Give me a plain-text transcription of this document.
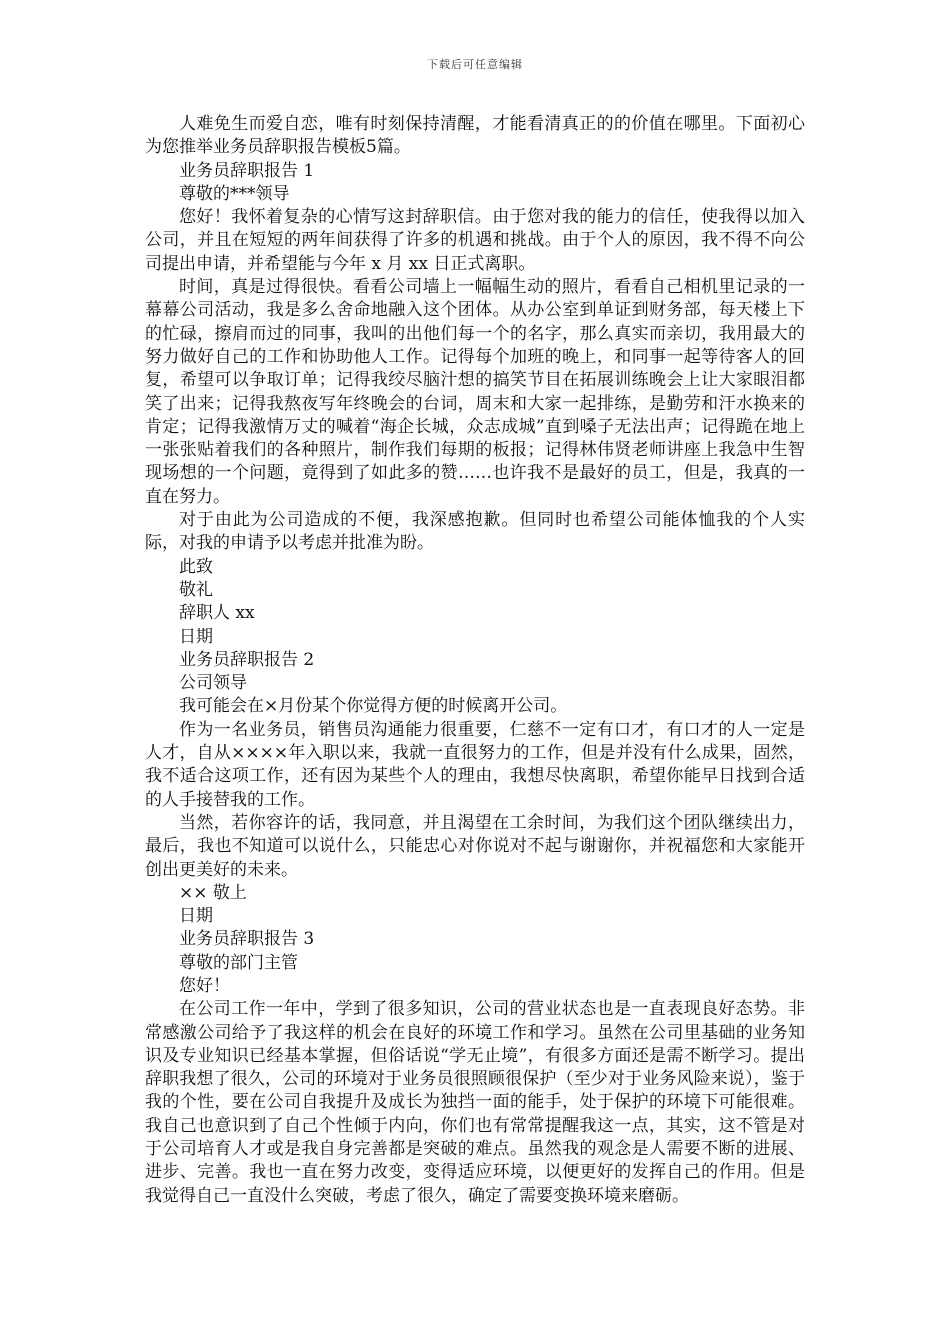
下载后可任意编辑

人难免生而爱自恋，唯有时刻保持清醒，才能看清真正的的价值在哪里。下面初心为您推举业务员辞职报告模板5篇。

业务员辞职报告 1

尊敬的***领导

您好！我怀着复杂的心情写这封辞职信。由于您对我的能力的信任，使我得以加入公司，并且在短短的两年间获得了许多的机遇和挑战。由于个人的原因，我不得不向公司提出申请，并希望能与今年 x 月 xx 日正式离职。

时间，真是过得很快。看看公司墙上一幅幅生动的照片，看看自己相机里记录的一幕幕公司活动，我是多么舍命地融入这个团体。从办公室到单证到财务部，每天楼上下的忙碌，擦肩而过的同事，我叫的出他们每一个的名字，那么真实而亲切，我用最大的努力做好自己的工作和协助他人工作。记得每个加班的晚上，和同事一起等待客人的回复，希望可以争取订单；记得我绞尽脑汁想的搞笑节目在拓展训练晚会上让大家眼泪都笑了出来；记得我熬夜写年终晚会的台词，周末和大家一起排练，是勤劳和汗水换来的肯定；记得我激情万丈的喊着“海企长城，众志成城”直到嗓子无法出声；记得跪在地上一张张贴着我们的各种照片，制作我们每期的板报；记得林伟贤老师讲座上我急中生智现场想的一个问题，竟得到了如此多的赞……也许我不是最好的员工，但是，我真的一直在努力。

对于由此为公司造成的不便，我深感抱歉。但同时也希望公司能体恤我的个人实际，对我的申请予以考虑并批准为盼。

此致

敬礼

辞职人 xx

日期

业务员辞职报告 2

公司领导

我可能会在×月份某个你觉得方便的时候离开公司。

作为一名业务员，销售员沟通能力很重要，仁慈不一定有口才，有口才的人一定是人才，自从××××年入职以来，我就一直很努力的工作，但是并没有什么成果，固然，我不适合这项工作，还有因为某些个人的理由，我想尽快离职，希望你能早日找到合适的人手接替我的工作。

当然，若你容许的话，我同意，并且渴望在工余时间，为我们这个团队继续出力，最后，我也不知道可以说什么，只能忠心对你说对不起与谢谢你，并祝福您和大家能开创出更美好的未来。

×× 敬上

日期

业务员辞职报告 3

尊敬的部门主管

您好！

在公司工作一年中，学到了很多知识，公司的营业状态也是一直表现良好态势。非常感激公司给予了我这样的机会在良好的环境工作和学习。虽然在公司里基础的业务知识及专业知识已经基本掌握，但俗话说“学无止境”，有很多方面还是需不断学习。提出辞职我想了很久，公司的环境对于业务员很照顾很保护（至少对于业务风险来说），鉴于我的个性，要在公司自我提升及成长为独挡一面的能手，处于保护的环境下可能很难。我自己也意识到了自己个性倾于内向，你们也有常常提醒我这一点，其实，这不管是对于公司培育人才或是我自身完善都是突破的难点。虽然我的观念是人需要不断的进展、进步、完善。我也一直在努力改变，变得适应环境，以便更好的发挥自己的作用。但是我觉得自己一直没什么突破，考虑了很久，确定了需要变换环境来磨砺。
